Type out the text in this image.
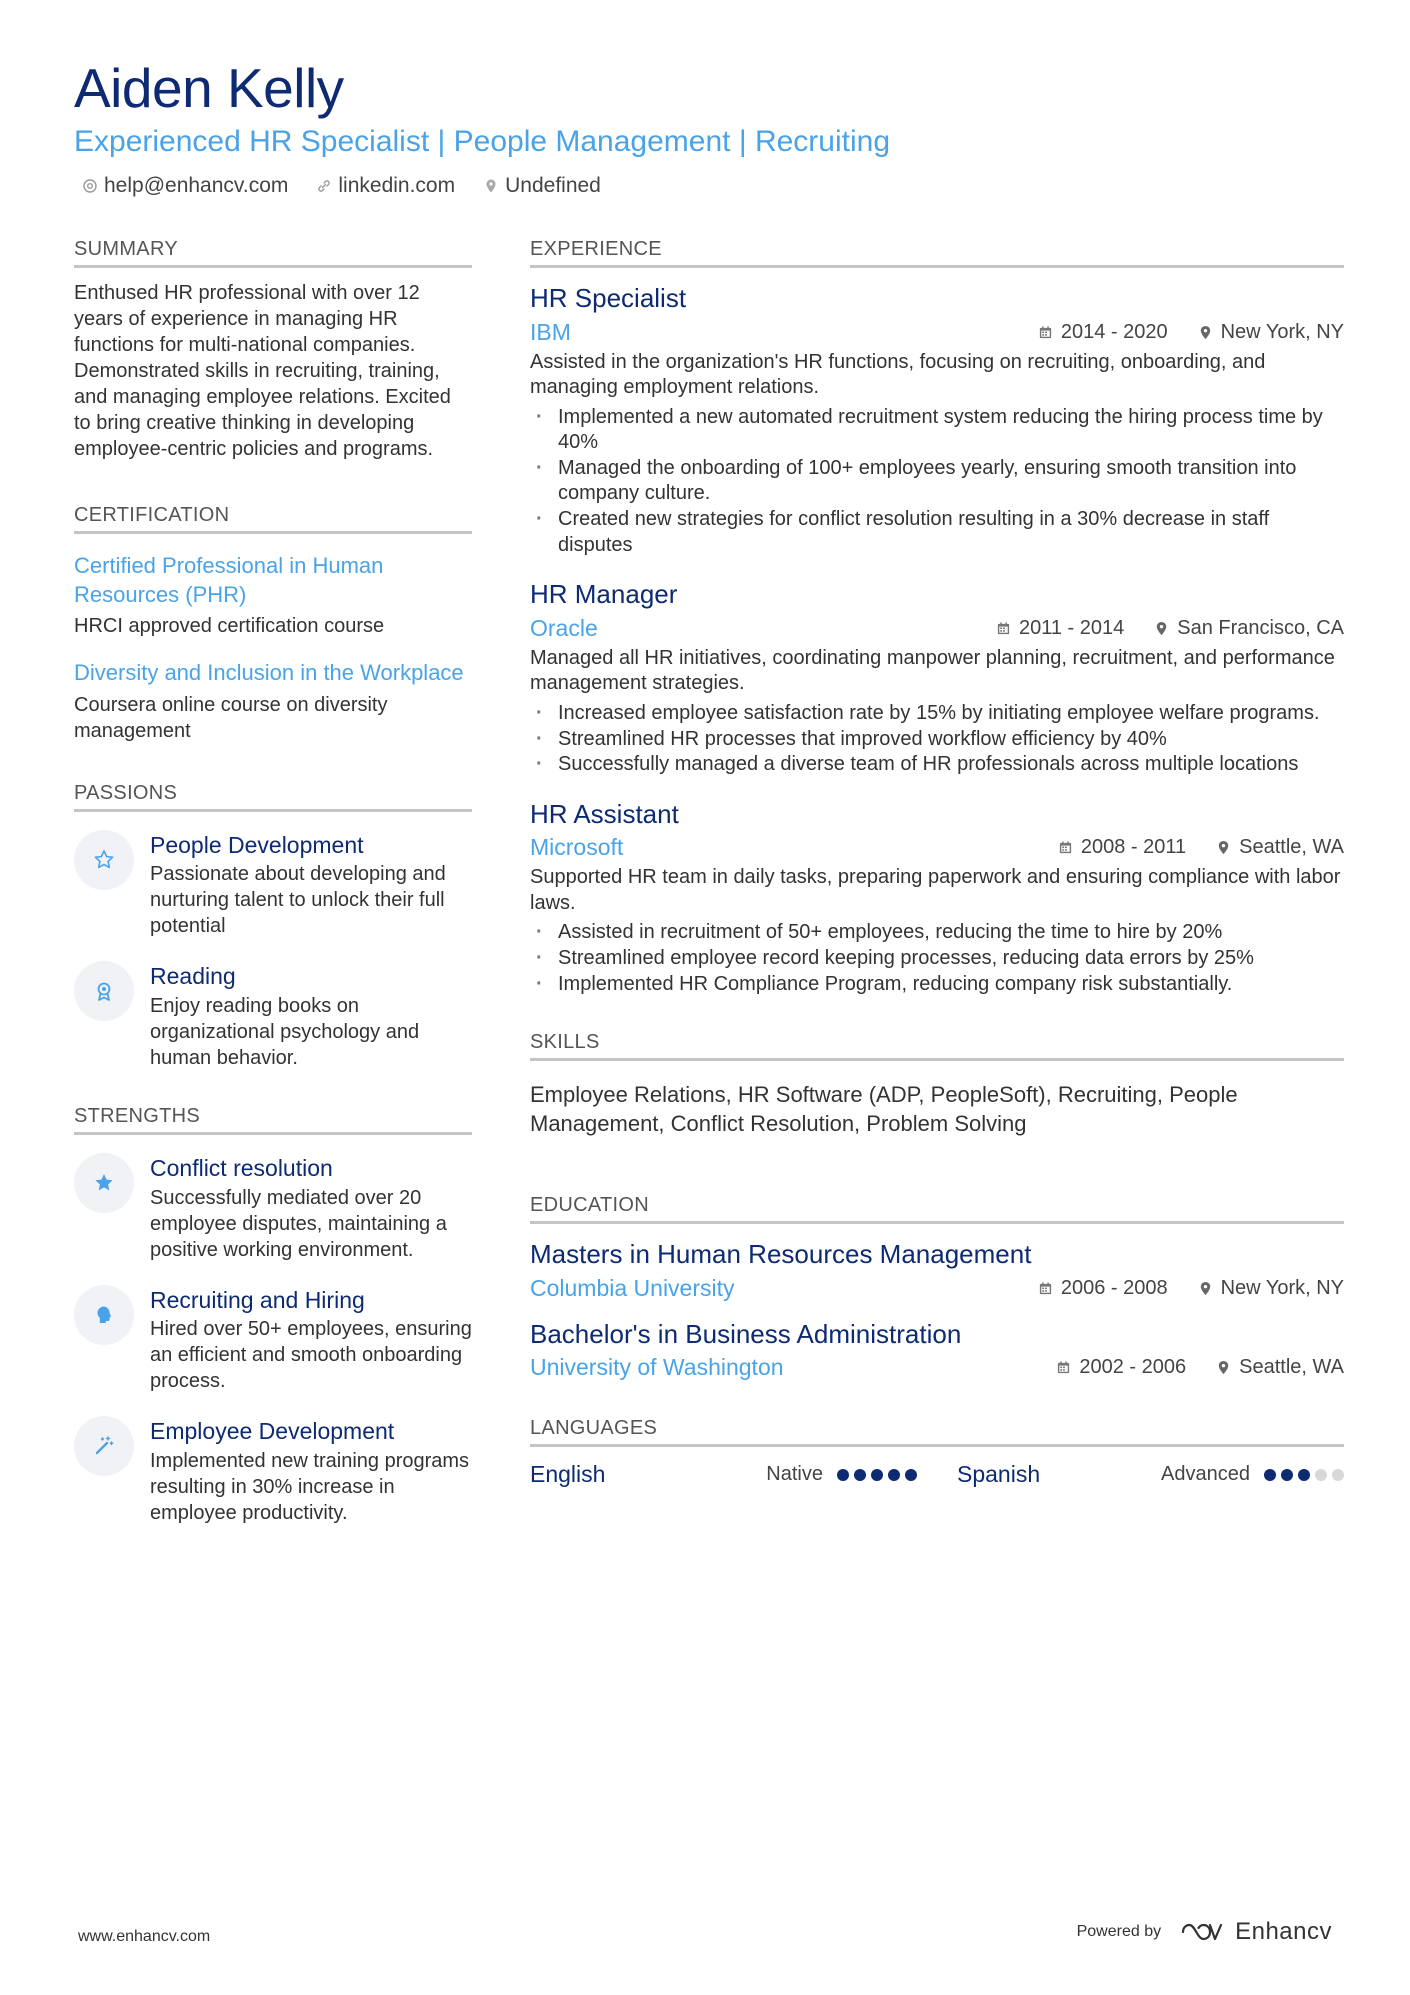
Aiden Kelly
Experienced HR Specialist | People Management | Recruiting
help@enhancv.com linkedin.com Undefined
SUMMARY
Enthused HR professional with over 12 years of experience in managing HR functions for multi-national companies. Demonstrated skills in recruiting, training, and managing employee relations. Excited to bring creative thinking in developing employee-centric policies and programs.
CERTIFICATION
Certified Professional in Human Resources (PHR)
HRCI approved certification course
Diversity and Inclusion in the Workplace
Coursera online course on diversity management
PASSIONS
People Development
Passionate about developing and nurturing talent to unlock their full potential
Reading
Enjoy reading books on organizational psychology and human behavior.
STRENGTHS
Conflict resolution
Successfully mediated over 20 employee disputes, maintaining a positive working environment.
Recruiting and Hiring
Hired over 50+ employees, ensuring an efficient and smooth onboarding process.
Employee Development
Implemented new training programs resulting in 30% increase in employee productivity.
EXPERIENCE
HR Specialist
IBM	2014 - 2020	New York, NY
Assisted in the organization's HR functions, focusing on recruiting, onboarding, and managing employment relations.
· Implemented a new automated recruitment system reducing the hiring process time by 40%
· Managed the onboarding of 100+ employees yearly, ensuring smooth transition into company culture.
· Created new strategies for conflict resolution resulting in a 30% decrease in staff disputes
HR Manager
Oracle	2011 - 2014	San Francisco, CA
Managed all HR initiatives, coordinating manpower planning, recruitment, and performance management strategies.
· Increased employee satisfaction rate by 15% by initiating employee welfare programs.
· Streamlined HR processes that improved workflow efficiency by 40%
· Successfully managed a diverse team of HR professionals across multiple locations
HR Assistant
Microsoft	2008 - 2011	Seattle, WA
Supported HR team in daily tasks, preparing paperwork and ensuring compliance with labor laws.
· Assisted in recruitment of 50+ employees, reducing the time to hire by 20%
· Streamlined employee record keeping processes, reducing data errors by 25%
· Implemented HR Compliance Program, reducing company risk substantially.
SKILLS
Employee Relations, HR Software (ADP, PeopleSoft), Recruiting, People Management, Conflict Resolution, Problem Solving
EDUCATION
Masters in Human Resources Management
Columbia University	2006 - 2008	New York, NY
Bachelor's in Business Administration
University of Washington	2002 - 2006	Seattle, WA
LANGUAGES
English	Native	Spanish	Advanced
www.enhancv.com	Powered by	Enhancv
